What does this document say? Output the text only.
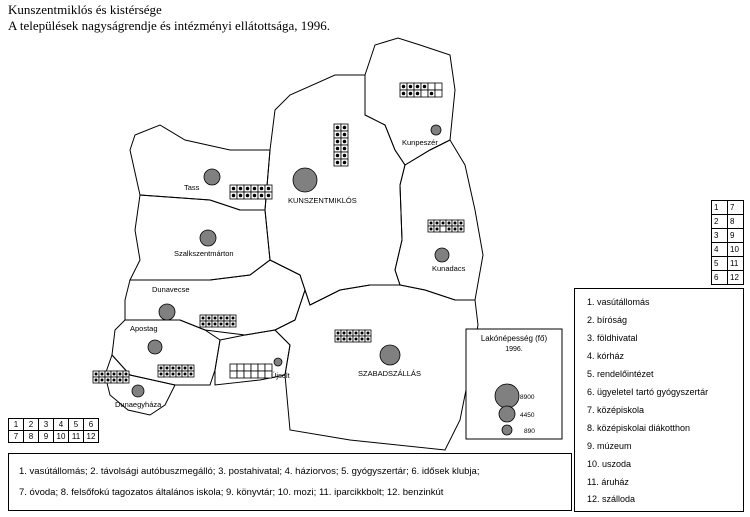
Kunszentmiklós és kistérsége
A települések nagyságrendje és intézményi ellátottsága, 1996.
Kunpeszér
Tass
KUNSZENTMIKLÓS
Szalkszentmárton
Kunadacs
Dunavecse
Apostag
Dunaegyháza
Újsolt	SZABADSZÁLLÁS
Lakónépesség (fő)
1996.
8900
4450
890
1	2	3	4	5	6
7	8	9	10	11	12
1	7
2	8
3	9
4	10
5	11
6	12
1. vasútállomás
2. bíróság
3. földhivatal
4. kórház
5. rendelőintézet
6. ügyeleteI tartó gyógyszertár
7. középiskola
8. középiskolai diákotthon
9. múzeum
10. uszoda
11. áruház
12. szálloda
1. vasútállomás; 2. távolsági autóbuszmegálló; 3. postahivatal; 4. háziorvos; 5. gyógyszertár; 6. idősek klubja;
7. óvoda; 8. felsőfokú tagozatos általános iskola; 9. könyvtár; 10. mozi; 11. iparcikkbolt; 12. benzinkút
